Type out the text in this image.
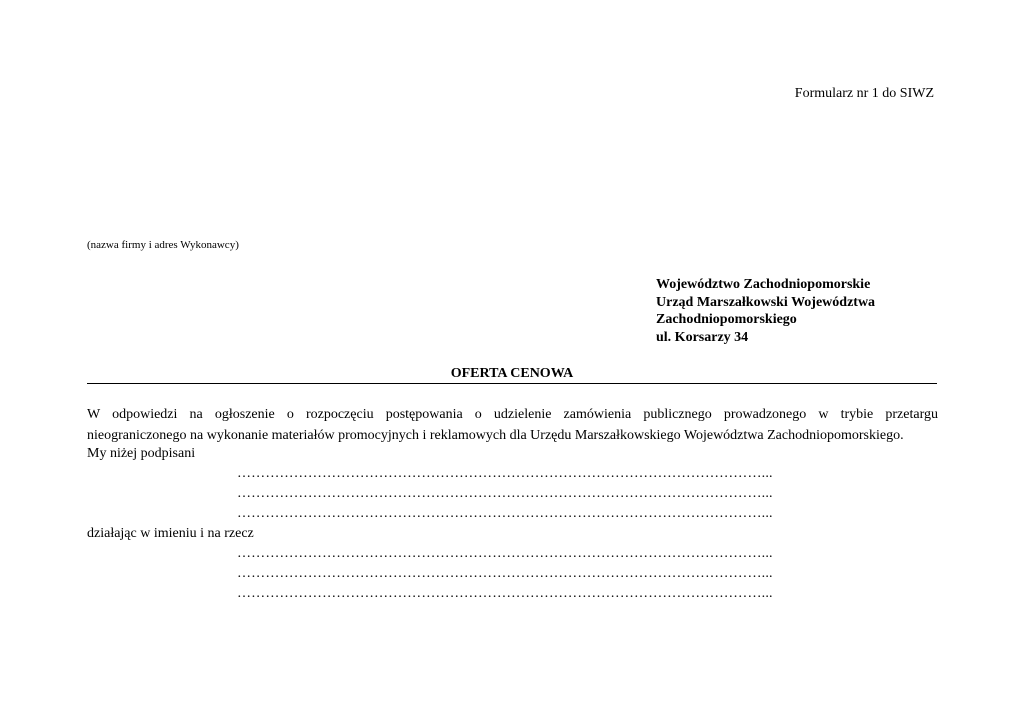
Formularz nr 1 do SIWZ
(nazwa firmy i adres Wykonawcy)
Województwo Zachodniopomorskie
Urząd Marszałkowski Województwa
Zachodniopomorskiego
ul. Korsarzy 34
OFERTA CENOWA
W odpowiedzi na ogłoszenie o rozpoczęciu postępowania o udzielenie zamówienia publicznego prowadzonego w trybie przetargu
nieograniczonego na wykonanie materiałów promocyjnych i reklamowych dla Urzędu Marszałkowskiego Województwa Zachodniopomorskiego.
My niżej podpisani
…………………………………………………………………………………………………...
…………………………………………………………………………………………………...
…………………………………………………………………………………………………...
działając w imieniu i na rzecz
…………………………………………………………………………………………………...
…………………………………………………………………………………………………...
…………………………………………………………………………………………………...
